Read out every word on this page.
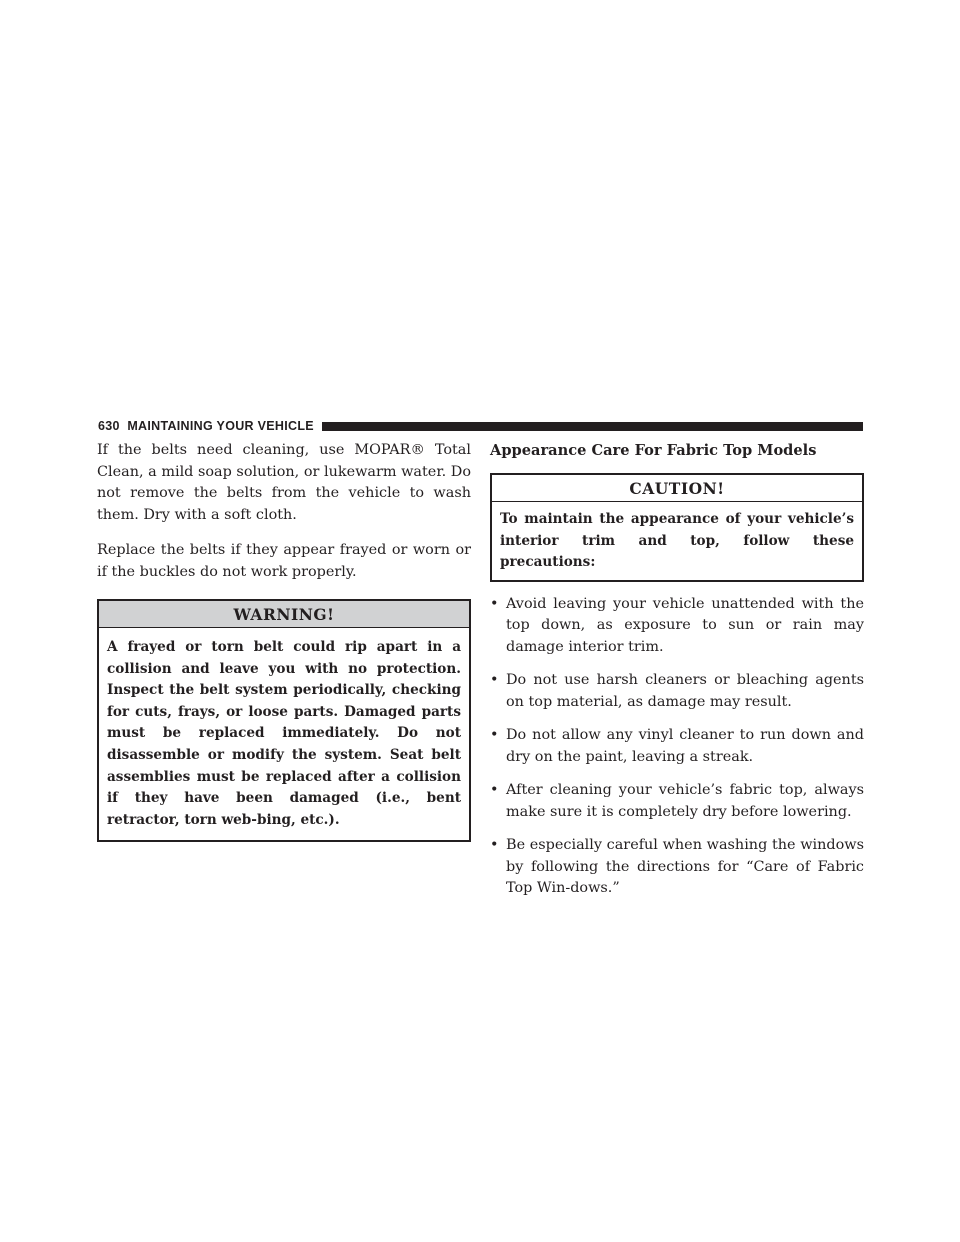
630 MAINTAINING YOUR VEHICLE

If the belts need cleaning, use MOPAR® Total Clean, a mild soap solution, or lukewarm water. Do not remove the belts from the vehicle to wash them. Dry with a soft cloth.

Replace the belts if they appear frayed or worn or if the buckles do not work properly.

WARNING!
A frayed or torn belt could rip apart in a collision and leave you with no protection. Inspect the belt system periodically, checking for cuts, frays, or loose parts. Damaged parts must be replaced immediately. Do not disassemble or modify the system. Seat belt assemblies must be replaced after a collision if they have been damaged (i.e., bent retractor, torn web-bing, etc.).
Appearance Care For Fabric Top Models
CAUTION!
To maintain the appearance of your vehicle’s interior trim and top, follow these precautions:
• Avoid leaving your vehicle unattended with the top down, as exposure to sun or rain may damage interior trim.
• Do not use harsh cleaners or bleaching agents on top material, as damage may result.
• Do not allow any vinyl cleaner to run down and dry on the paint, leaving a streak.
• After cleaning your vehicle’s fabric top, always make sure it is completely dry before lowering.
• Be especially careful when washing the windows by following the directions for “Care of Fabric Top Win-dows.”
